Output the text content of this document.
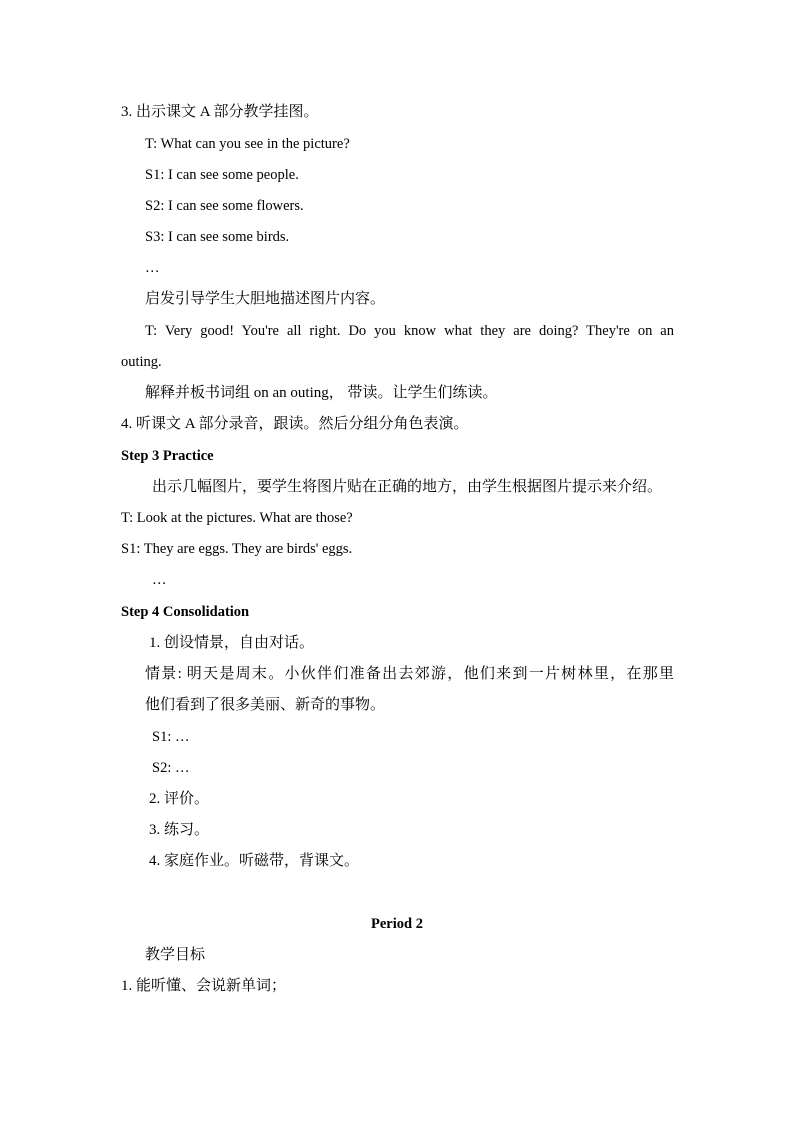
3. 出示课文 A 部分教学挂图。
T: What can you see in the picture?
S1: I can see some people.
S2: I can see some flowers.
S3: I can see some birds.
…
启发引导学生大胆地描述图片内容。
T: Very good! You're all right. Do you know what they are doing? They're on an
outing.
解释并板书词组 on an outing， 带读。让学生们练读。
4. 听课文 A 部分录音，跟读。然后分组分角色表演。
Step 3 Practice
出示几幅图片，要学生将图片贴在正确的地方，由学生根据图片提示来介绍。
T: Look at the pictures. What are those?
S1: They are eggs. They are birds' eggs.
…
Step 4 Consolidation
1. 创设情景，自由对话。
情景: 明天是周末。小伙伴们准备出去郊游，他们来到一片树林里，在那里
他们看到了很多美丽、新奇的事物。
S1: …
S2: …
2. 评价。
3. 练习。
4. 家庭作业。听磁带，背课文。
Period 2
教学目标
1. 能听懂、会说新单词；
